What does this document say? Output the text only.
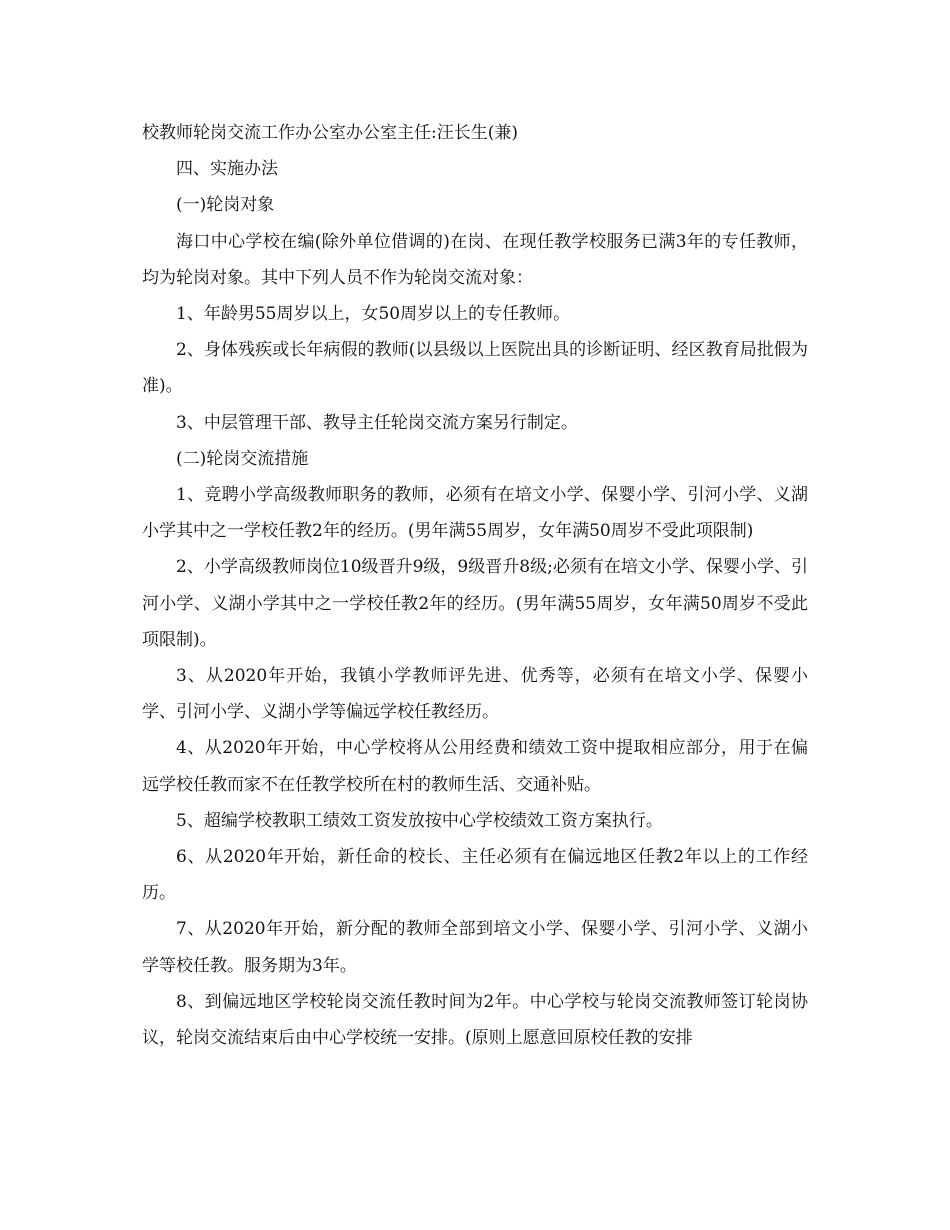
校教师轮岗交流工作办公室办公室主任:汪长生(兼)

四、实施办法

(一)轮岗对象

海口中心学校在编(除外单位借调的)在岗、在现任教学校服务已满3年的专任教师，均为轮岗对象。其中下列人员不作为轮岗交流对象：

1、年龄男55周岁以上，女50周岁以上的专任教师。

2、身体残疾或长年病假的教师(以县级以上医院出具的诊断证明、经区教育局批假为准)。

3、中层管理干部、教导主任轮岗交流方案另行制定。

(二)轮岗交流措施

1、竞聘小学高级教师职务的教师，必须有在培文小学、保婴小学、引河小学、义湖小学其中之一学校任教2年的经历。(男年满55周岁，女年满50周岁不受此项限制)

2、小学高级教师岗位10级晋升9级，9级晋升8级;必须有在培文小学、保婴小学、引河小学、义湖小学其中之一学校任教2年的经历。(男年满55周岁，女年满50周岁不受此项限制)。

3、从2020年开始，我镇小学教师评先进、优秀等，必须有在培文小学、保婴小学、引河小学、义湖小学等偏远学校任教经历。

4、从2020年开始，中心学校将从公用经费和绩效工资中提取相应部分，用于在偏远学校任教而家不在任教学校所在村的教师生活、交通补贴。

5、超编学校教职工绩效工资发放按中心学校绩效工资方案执行。

6、从2020年开始，新任命的校长、主任必须有在偏远地区任教2年以上的工作经历。

7、从2020年开始，新分配的教师全部到培文小学、保婴小学、引河小学、义湖小学等校任教。服务期为3年。

8、到偏远地区学校轮岗交流任教时间为2年。中心学校与轮岗交流教师签订轮岗协议，轮岗交流结束后由中心学校统一安排。(原则上愿意回原校任教的安排
